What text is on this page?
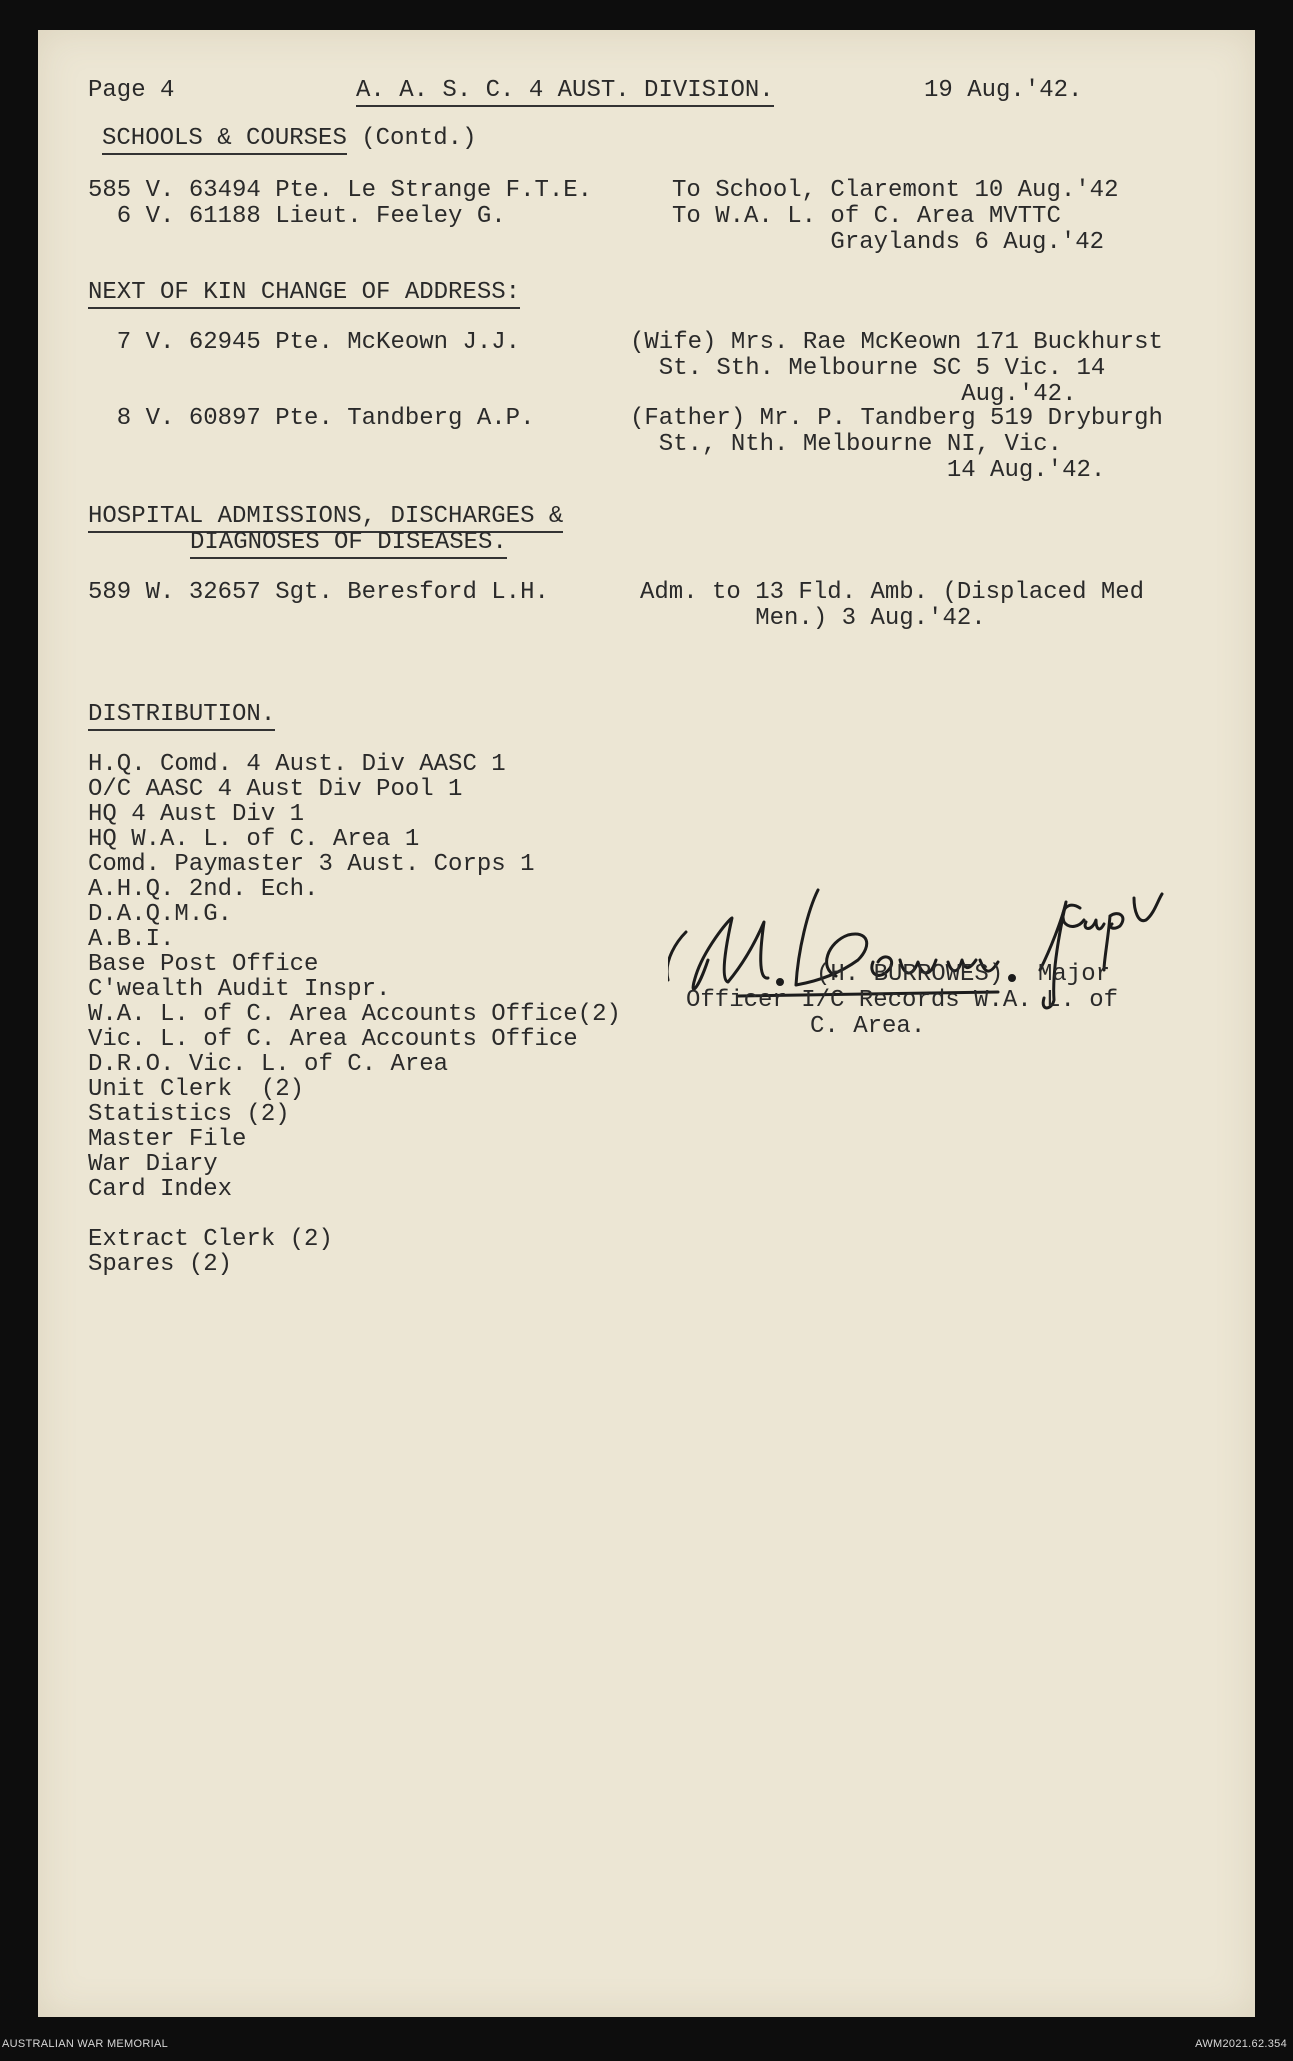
Page 4	A. A. S. C. 4 AUST. DIVISION.	19 Aug.'42.
SCHOOLS & COURSES (Contd.)
585 V. 63494 Pte. Le Strange F.T.E.	To School, Claremont 10 Aug.'42
6 V. 61188 Lieut. Feeley G.	To W.A. L. of C. Area MVTTC
Graylands 6 Aug.'42
NEXT OF KIN CHANGE OF ADDRESS:
7 V. 62945 Pte. McKeown J.J.	(Wife) Mrs. Rae McKeown 171 Buckhurst
St. Sth. Melbourne SC 5 Vic. 14
Aug.'42.
8 V. 60897 Pte. Tandberg A.P.	(Father) Mr. P. Tandberg 519 Dryburgh
St., Nth. Melbourne NI, Vic.
14 Aug.'42.
HOSPITAL ADMISSIONS, DISCHARGES &
DIAGNOSES OF DISEASES.
589 W. 32657 Sgt. Beresford L.H.	Adm. to 13 Fld. Amb. (Displaced Med
Men.) 3 Aug.'42.
DISTRIBUTION.
H.Q. Comd. 4 Aust. Div AASC 1
O/C AASC 4 Aust Div Pool 1
HQ 4 Aust Div 1
HQ W.A. L. of C. Area 1
Comd. Paymaster 3 Aust. Corps 1
A.H.Q. 2nd. Ech.
D.A.Q.M.G.
A.B.I.
Base Post Office
C'wealth Audit Inspr.
W.A. L. of C. Area Accounts Office(2)
Vic. L. of C. Area Accounts Office
D.R.O. Vic. L. of C. Area
Unit Clerk  (2)
Statistics (2)
Master File
War Diary
Card Index
Extract Clerk (2)
Spares (2)
(H. BURROWES) Major
Officer I/C Records W.A. L. of
C. Area.
AUSTRALIAN WAR MEMORIAL	AWM2021.62.354
